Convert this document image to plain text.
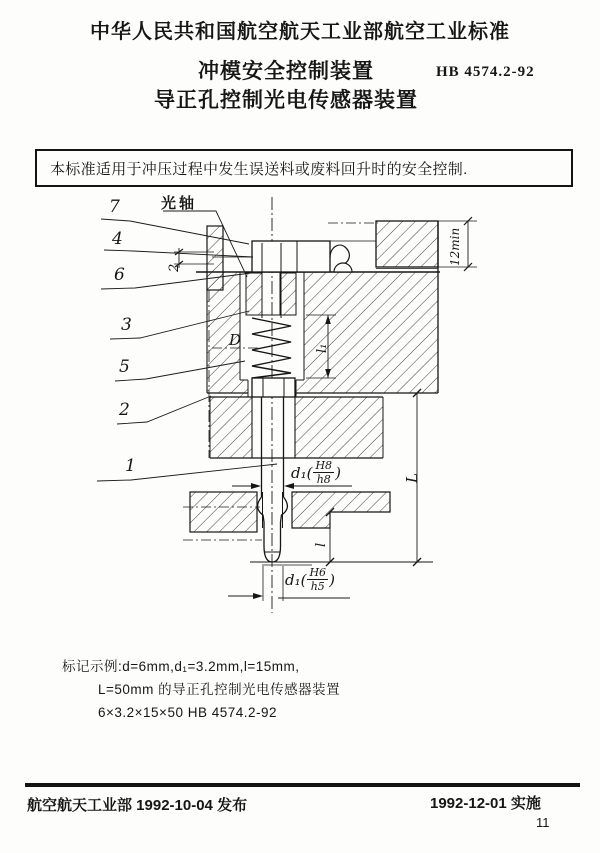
中华人民共和国航空航天工业部航空工业标准
冲模安全控制装置
导正孔控制光电传感器装置
HB 4574.2-92
本标准适用于冲压过程中发生误送料或废料回升时的安全控制.
光轴
7
4
6
3
5
2
1
D
2
12min
L
l₁
l
$d_1( \frac{H8}{h8}$ )
$d_1( \frac{H6}{h5}$ )
标记示例:d=6mm,d₁=3.2mm,l=15mm,
L=50mm 的导正孔控制光电传感器装置
6×3.2×15×50 HB 4574.2-92
航空航天工业部 1992-10-04 发布	1992-12-01 实施
11
